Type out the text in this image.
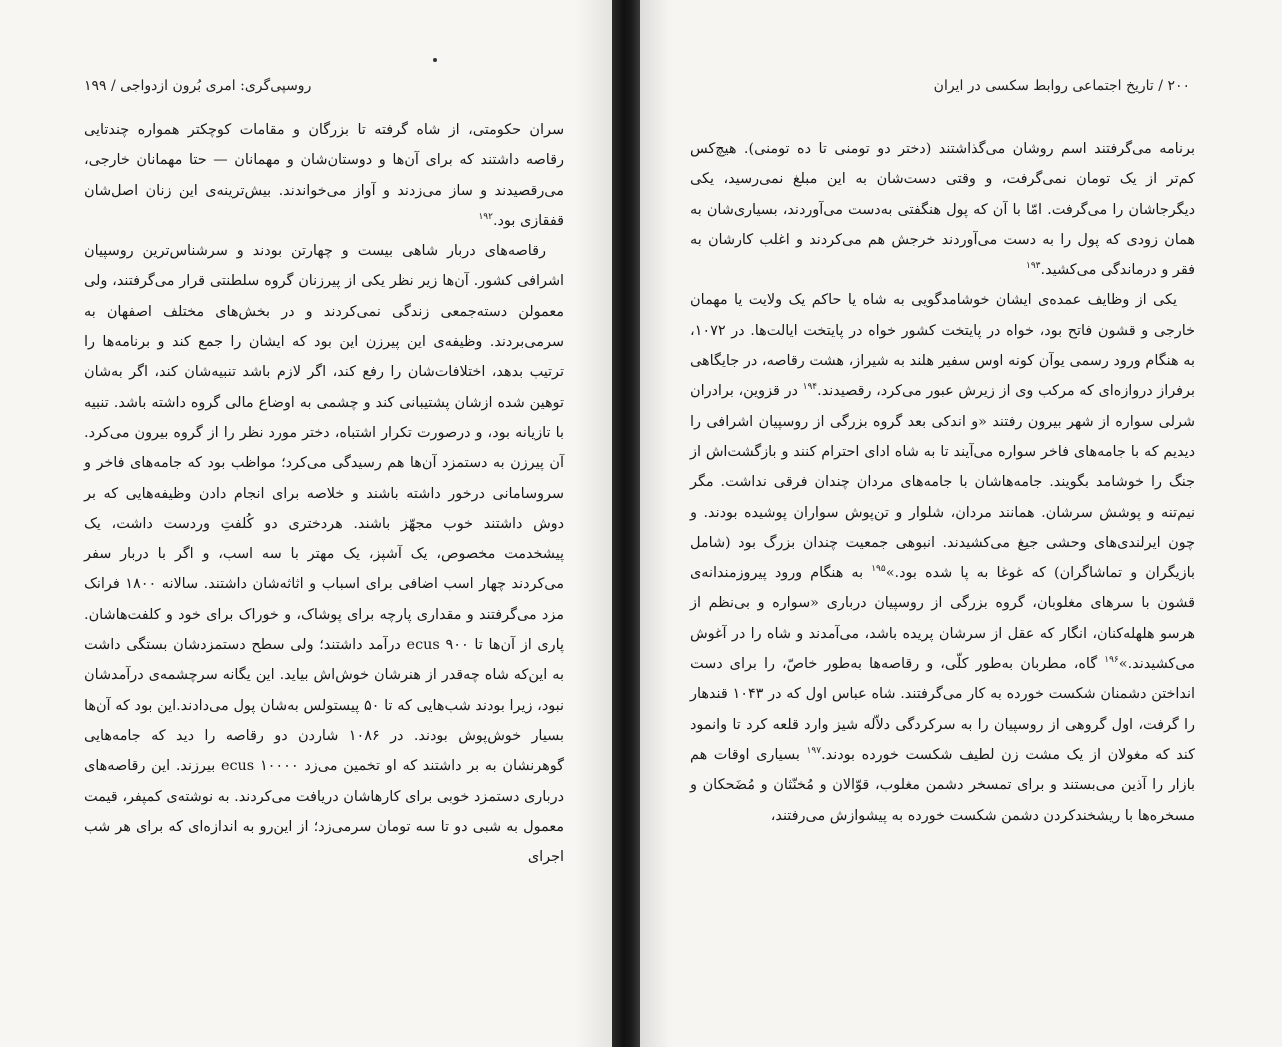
روسپی‌گری: امری بُرون ازدواجی / ۱۹۹

سران حکومتی، از شاه گرفته تا بزرگان و مقامات کوچکتر همواره چندتایی رقاصه داشتند که برای آن‌ها و دوستان‌شان و مهمانان — حتا مهمانان خارجی، می‌رقصیدند و ساز می‌زدند و آواز می‌خواندند. بیش‌ترینه‌ی این زنان اصل‌شان قفقازی بود.$^{۱۹۲}$

رقاصه‌های دربار شاهی بیست و چهارتن بودند و سرشناس‌ترین روسپیان اشرافی کشور. آن‌ها زیر نظر یکی از پیرزنان گروه سلطنتی قرار می‌گرفتند، ولی معمولن دسته‌جمعی زندگی نمی‌کردند و در بخش‌های مختلف اصفهان به سرمی‌بردند. وظیفه‌ی این پیرزن این بود که ایشان را جمع کند و برنامه‌ها را ترتیب بدهد، اختلافات‌شان را رفع کند، اگر لازم باشد تنبیه‌شان کند، اگر به‌شان توهین شده ازشان پشتیبانی کند و چشمی به اوضاع مالی گروه داشته باشد. تنبیه با تازیانه بود، و درصورت تکرار اشتباه، دختر مورد نظر را از گروه بیرون می‌کرد. آن پیرزن به دستمزد آن‌ها هم رسیدگی می‌کرد؛ مواظب بود که جامه‌های فاخر و سروسامانی درخور داشته باشند و خلاصه برای انجام دادن وظیفه‌هایی که بر دوش داشتند خوب مجهّز باشند. هردختری دو کُلفتِ وردست داشت، یک پیشخدمت مخصوص، یک آشپز، یک مهتر با سه اسب، و اگر با دربار سفر می‌کردند چهار اسب اضافی برای اسباب و اثاثه‌شان داشتند. سالانه ۱۸۰۰ فرانک مزد می‌گرفتند و مقداری پارچه برای پوشاک، و خوراک برای خود و کلفت‌هاشان. پاری از آن‌ها تا ۹۰۰ ecus درآمد داشتند؛ ولی سطح دستمزدشان بستگی داشت به این‌که شاه چه‌قدر از هنرشان خوش‌اش بیاید. این یگانه سرچشمه‌ی درآمدشان نبود، زیرا بودند شب‌هایی که تا ۵۰ پیستولس به‌شان پول می‌دادند.این بود که آن‌ها بسیار خوش‌پوش بودند. در ۱۰۸۶ شاردن دو رقاصه را دید که جامه‌هایی گوهرنشان به بر داشتند که او تخمین می‌زد ۱۰۰۰۰ ecus بیرزند. این رقاصه‌های درباری دستمزد خوبی برای کارهاشان دریافت می‌کردند. به نوشته‌ی کمپفر، قیمت معمول به شبی دو تا سه تومان سرمی‌زد؛ از این‌رو به اندازه‌ای که برای هر شب اجرای

۲۰۰ / تاریخ اجتماعی روابط سکسی در ایران

برنامه می‌گرفتند اسم روشان می‌گذاشتند (دختر دو تومنی تا ده تومنی). هیچ‌کس کم‌تر از یک تومان نمی‌گرفت، و وقتی دست‌شان به این مبلغ نمی‌رسید، یکی دیگرجاشان را می‌گرفت. امّا با آن که پول هنگفتی به‌دست می‌آوردند، بسیاری‌شان به همان زودی که پول را به دست می‌آوردند خرجش هم می‌کردند و اغلب کارشان به فقر و درماندگی می‌کشید.$^{۱۹۳}$

یکی از وظایف عمده‌ی ایشان خوشامدگویی به شاه یا حاکم یک ولایت یا مهمان خارجی و قشون فاتح بود، خواه در پایتخت کشور خواه در پایتخت ایالت‌ها. در ۱۰۷۲، به هنگام ورود رسمی یوآن کونه اوس سفیر هلند به شیراز، هشت رقاصه، در جایگاهی برفراز دروازه‌ای که مرکب وی از زیرش عبور می‌کرد، رقصیدند.$^{۱۹۴}$ در قزوین، برادران شرلی سواره از شهر بیرون رفتند «و اندکی بعد گروه بزرگی از روسپیان اشرافی را دیدیم که با جامه‌های فاخر سواره می‌آیند تا به شاه ادای احترام کنند و بازگشت‌اش از جنگ را خوشامد بگویند. جامه‌هاشان با جامه‌های مردان چندان فرقی نداشت. مگر نیم‌تنه و پوشش سرشان. همانند مردان، شلوار و تن‌پوش سواران پوشیده بودند. و چون ایرلندی‌های وحشی جیغ می‌کشیدند. انبوهی جمعیت چندان بزرگ بود (شامل بازیگران و تماشاگران) که غوغا به پا شده بود.»$^{۱۹۵}$ به هنگام ورود پیروزمندانه‌ی قشون با سرهای مغلوبان، گروه بزرگی از روسپیان درباری «سواره و بی‌نظم از هرسو هلهله‌کنان، انگار که عقل از سرشان پریده باشد، می‌آمدند و شاه را در آغوش می‌کشیدند.»$^{۱۹۶}$ گاه، مطربان به‌طور کلّی، و رقاصه‌ها به‌طور خاصّ، را برای دست انداختن دشمنان شکست خورده به کار می‌گرفتند. شاه عباس اول که در ۱۰۴۳ قندهار را گرفت، اول گروهی از روسپیان را به سرکردگی دلاّله شیز وارد قلعه کرد تا وانمود کند که مغولان از یک مشت زن لطیف شکست خورده بودند.$^{۱۹۷}$ بسیاری اوقات هم بازار را آذین می‌بستند و برای تمسخر دشمن مغلوب، قوّالان و مُخنّثان و مُضَحکان و مسخره‌ها با ریشخندکردن دشمن شکست خورده به پیشوازش می‌رفتند،
